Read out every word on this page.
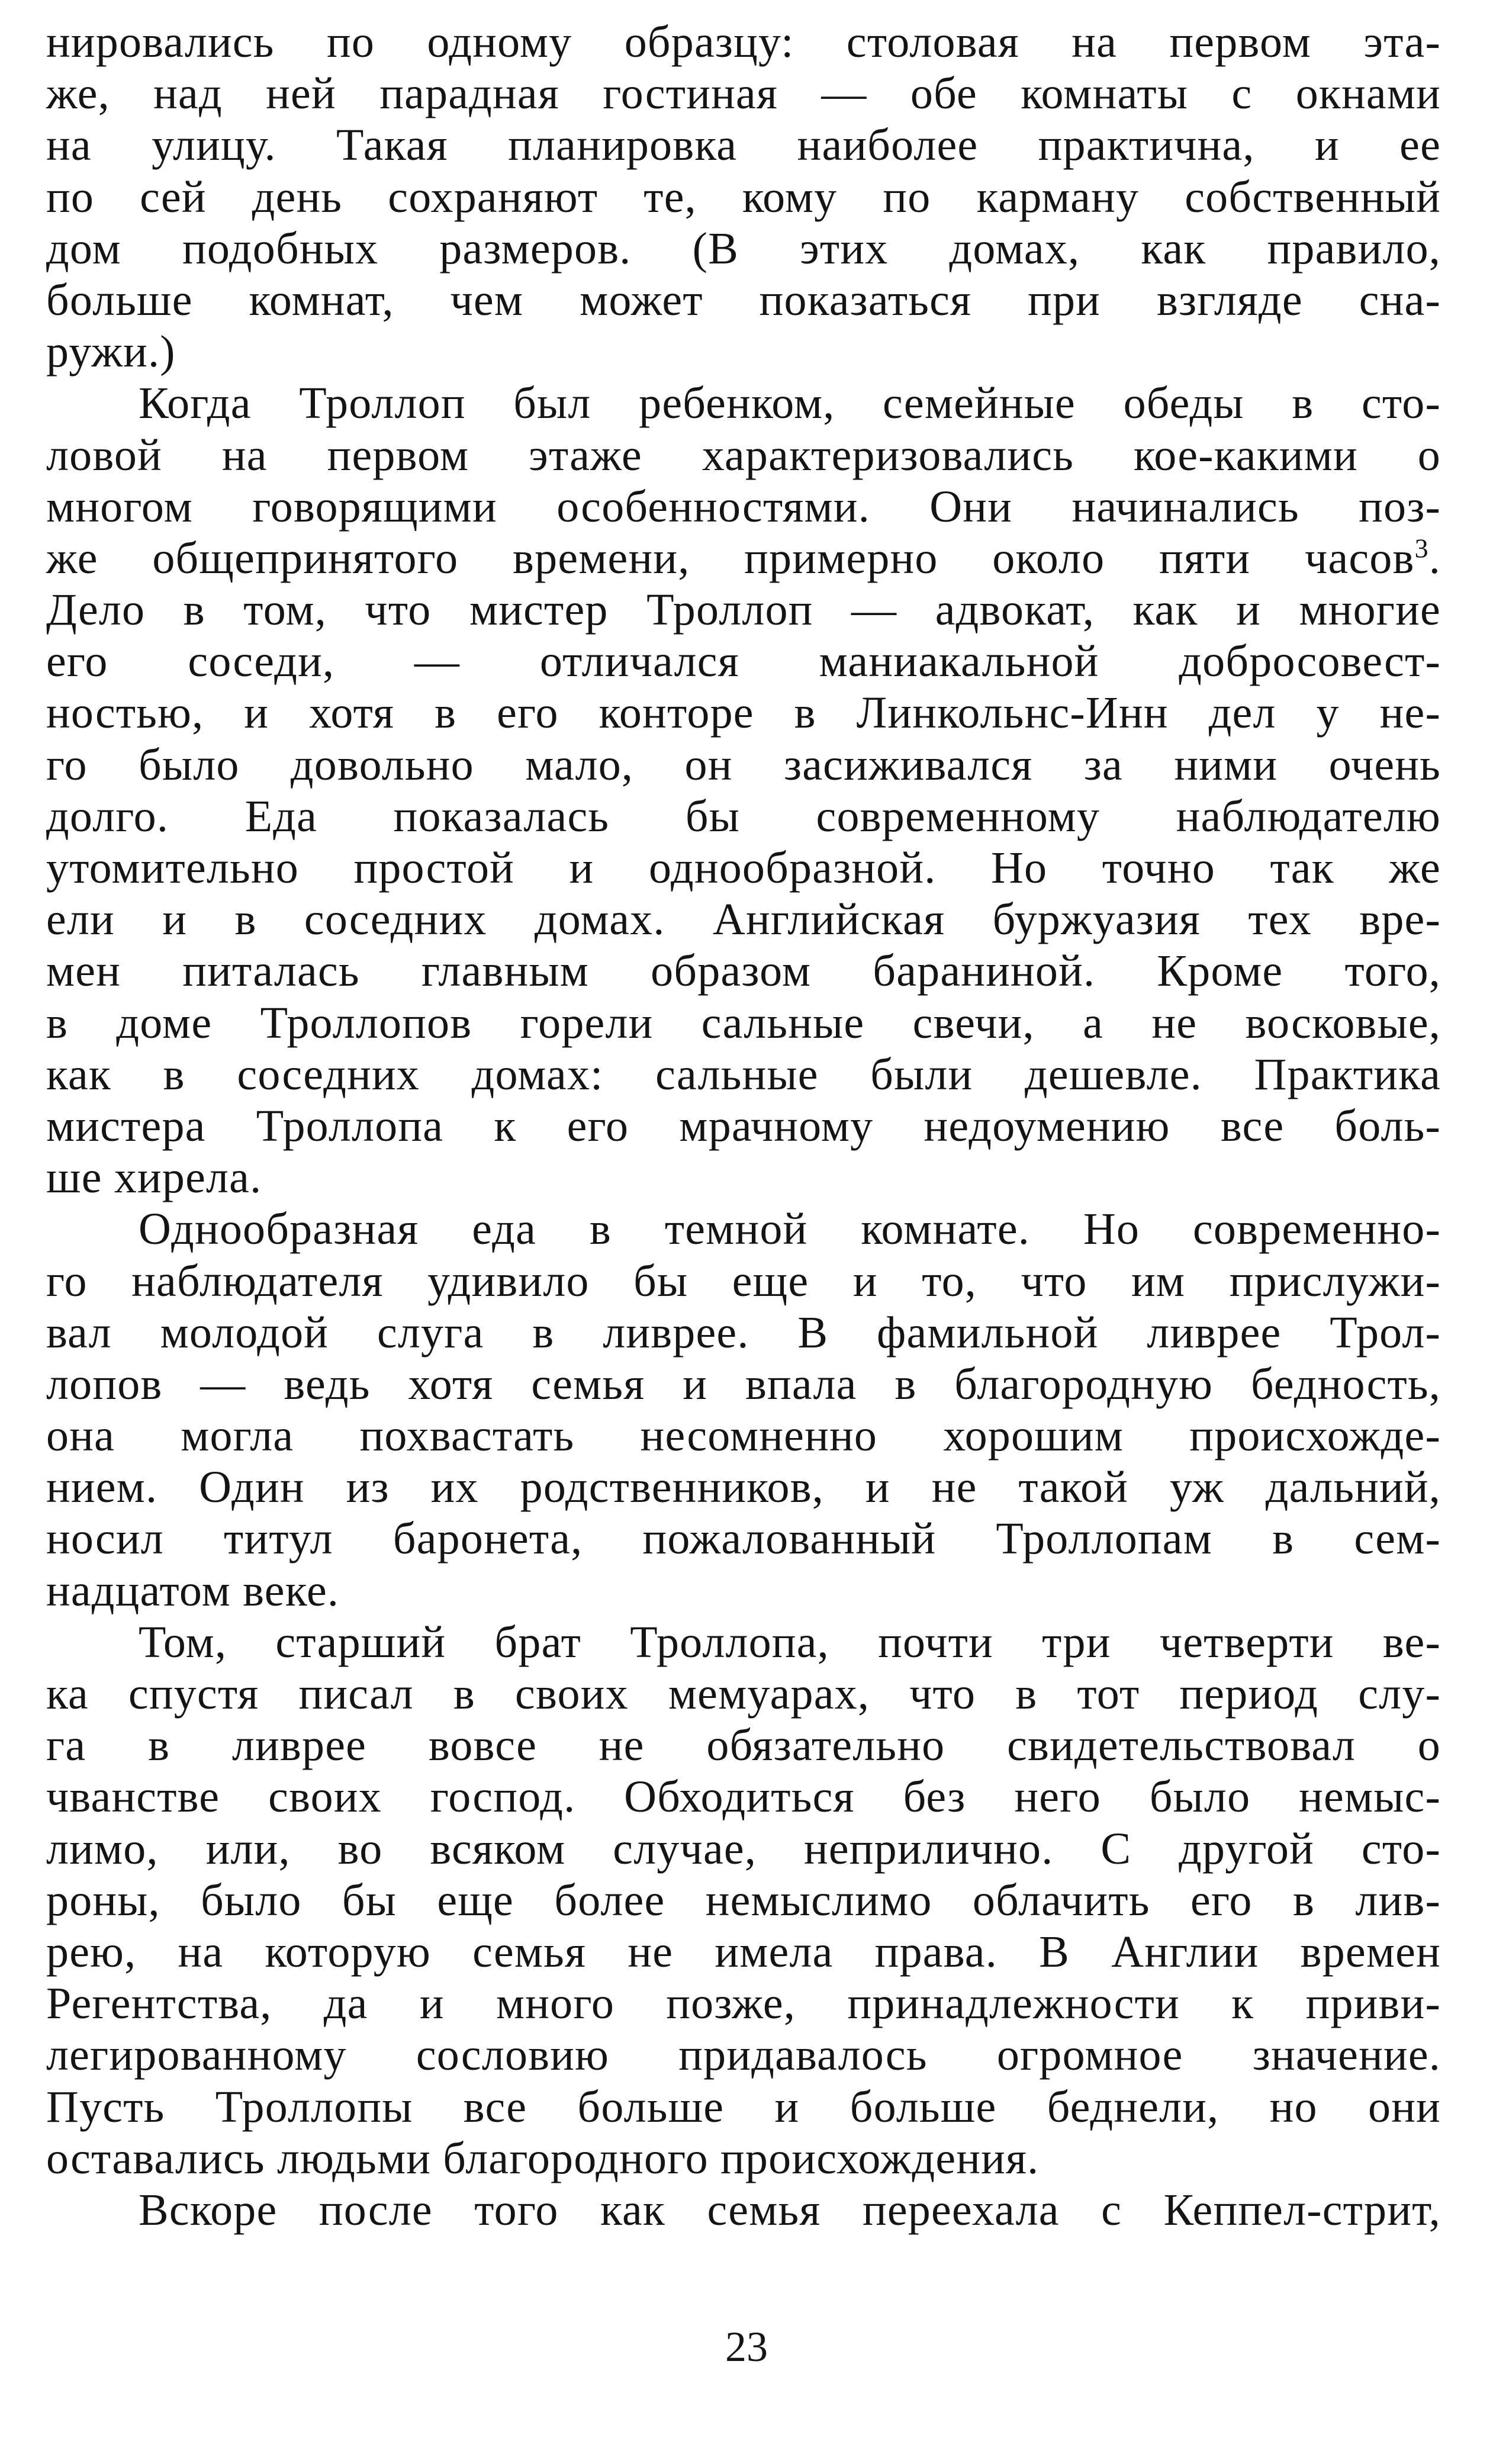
нировались по одному образцу: столовая на первом эта-
же, над ней парадная гостиная — обе комнаты с окнами
на улицу. Такая планировка наиболее практична, и ее
по сей день сохраняют те, кому по карману собственный
дом подобных размеров. (В этих домах, как правило,
больше комнат, чем может показаться при взгляде сна-
ружи.)
Когда Троллоп был ребенком, семейные обеды в сто-
ловой на первом этаже характеризовались кое-какими о
многом говорящими особенностями. Они начинались поз-
же общепринятого времени, примерно около пяти часов$^3$.
Дело в том, что мистер Троллоп — адвокат, как и многие
его соседи, — отличался маниакальной добросовест-
ностью, и хотя в его конторе в Линкольнс-Инн дел у не-
го было довольно мало, он засиживался за ними очень
долго. Еда показалась бы современному наблюдателю
утомительно простой и однообразной. Но точно так же
ели и в соседних домах. Английская буржуазия тех вре-
мен питалась главным образом бараниной. Кроме того,
в доме Троллопов горели сальные свечи, а не восковые,
как в соседних домах: сальные были дешевле. Практика
мистера Троллопа к его мрачному недоумению все боль-
ше хирела.
Однообразная еда в темной комнате. Но современно-
го наблюдателя удивило бы еще и то, что им прислужи-
вал молодой слуга в ливрее. В фамильной ливрее Трол-
лопов — ведь хотя семья и впала в благородную бедность,
она могла похвастать несомненно хорошим происхожде-
нием. Один из их родственников, и не такой уж дальний,
носил титул баронета, пожалованный Троллопам в сем-
надцатом веке.
Том, старший брат Троллопа, почти три четверти ве-
ка спустя писал в своих мемуарах, что в тот период слу-
га в ливрее вовсе не обязательно свидетельствовал о
чванстве своих господ. Обходиться без него было немыс-
лимо, или, во всяком случае, неприлично. С другой сто-
роны, было бы еще более немыслимо облачить его в лив-
рею, на которую семья не имела права. В Англии времен
Регентства, да и много позже, принадлежности к приви-
легированному сословию придавалось огромное значение.
Пусть Троллопы все больше и больше беднели, но они
оставались людьми благородного происхождения.
Вскоре после того как семья переехала с Кеппел-стрит,
23
